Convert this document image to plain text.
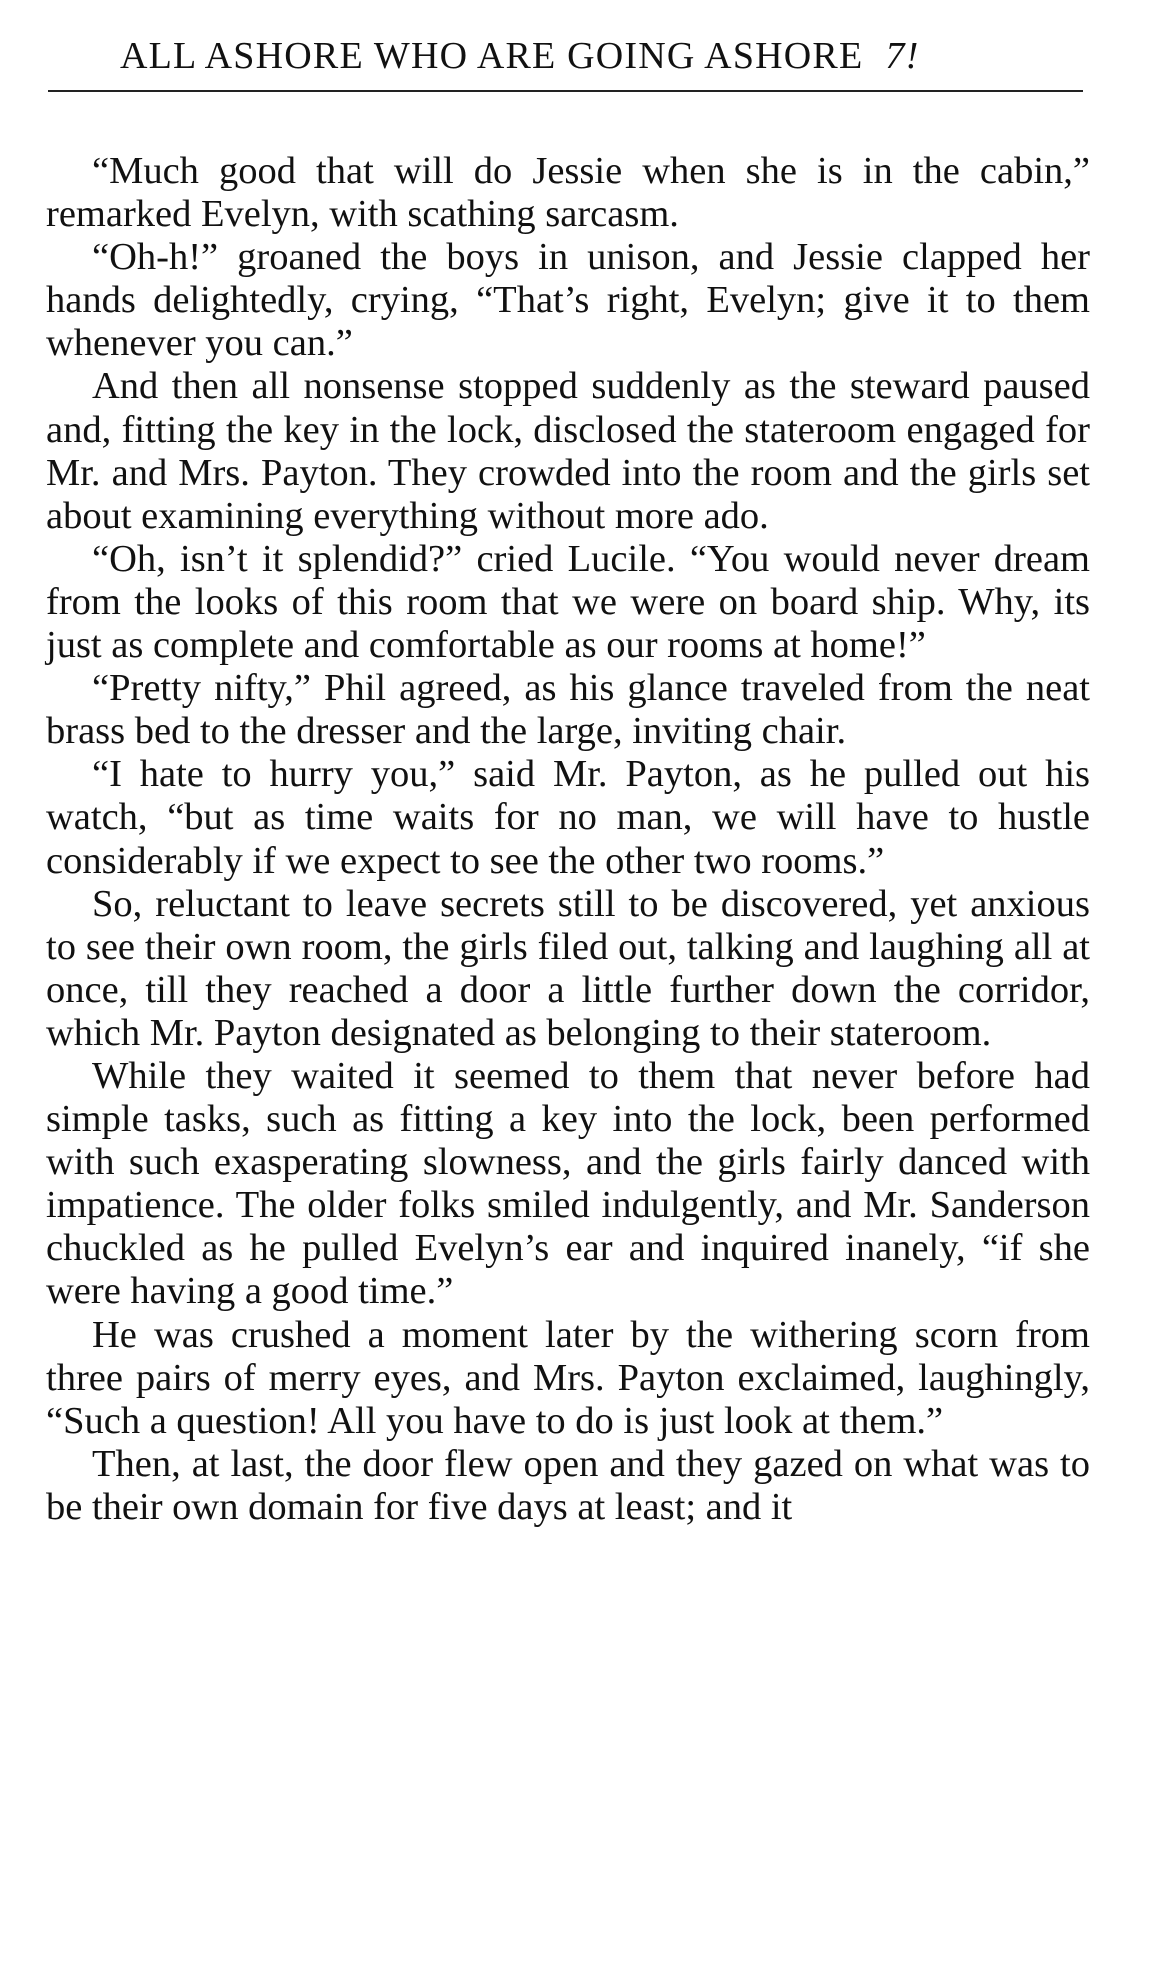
ALL ASHORE WHO ARE GOING ASHORE 7!

“Much good that will do Jessie when she is in the cabin,” remarked Evelyn, with scathing sarcasm.

“Oh-h!” groaned the boys in unison, and Jessie clapped her hands delightedly, crying, “That’s right, Evelyn; give it to them whenever you can.”

And then all nonsense stopped suddenly as the steward paused and, fitting the key in the lock, disclosed the stateroom engaged for Mr. and Mrs. Payton. They crowded into the room and the girls set about examining everything without more ado.

“Oh, isn’t it splendid?” cried Lucile. “You would never dream from the looks of this room that we were on board ship. Why, its just as complete and comfortable as our rooms at home!”

“Pretty nifty,” Phil agreed, as his glance traveled from the neat brass bed to the dresser and the large, inviting chair.

“I hate to hurry you,” said Mr. Payton, as he pulled out his watch, “but as time waits for no man, we will have to hustle considerably if we expect to see the other two rooms.”

So, reluctant to leave secrets still to be discovered, yet anxious to see their own room, the girls filed out, talking and laughing all at once, till they reached a door a little further down the corridor, which Mr. Payton designated as belonging to their stateroom.

While they waited it seemed to them that never before had simple tasks, such as fitting a key into the lock, been performed with such exasperating slowness, and the girls fairly danced with impatience. The older folks smiled indulgently, and Mr. Sanderson chuckled as he pulled Evelyn’s ear and inquired inanely, “if she were having a good time.”

He was crushed a moment later by the withering scorn from three pairs of merry eyes, and Mrs. Payton exclaimed, laughingly, “Such a question! All you have to do is just look at them.”

Then, at last, the door flew open and they gazed on what was to be their own domain for five days at least; and it
